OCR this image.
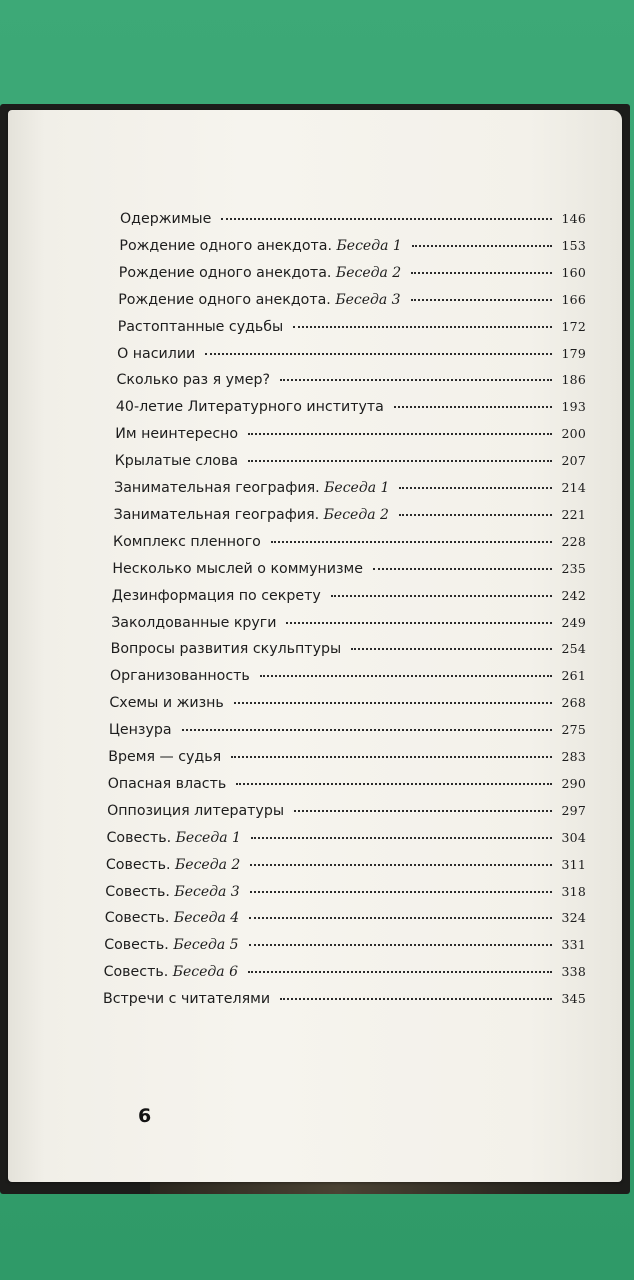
Одержимые	146
Рождение одного анекдота. Беседа 1	153
Рождение одного анекдота. Беседа 2	160
Рождение одного анекдота. Беседа 3	166
Растоптанные судьбы	172
О насилии	179
Сколько раз я умер?	186
40-летие Литературного института	193
Им неинтересно	200
Крылатые слова	207
Занимательная география. Беседа 1	214
Занимательная география. Беседа 2	221
Комплекс пленного	228
Несколько мыслей о коммунизме	235
Дезинформация по секрету	242
Заколдованные круги	249
Вопросы развития скульптуры	254
Организованность	261
Схемы и жизнь	268
Цензура	275
Время — судья	283
Опасная власть	290
Оппозиция литературы	297
Совесть. Беседа 1	304
Совесть. Беседа 2	311
Совесть. Беседа 3	318
Совесть. Беседа 4	324
Совесть. Беседа 5	331
Совесть. Беседа 6	338
Встречи с читателями	345
6
